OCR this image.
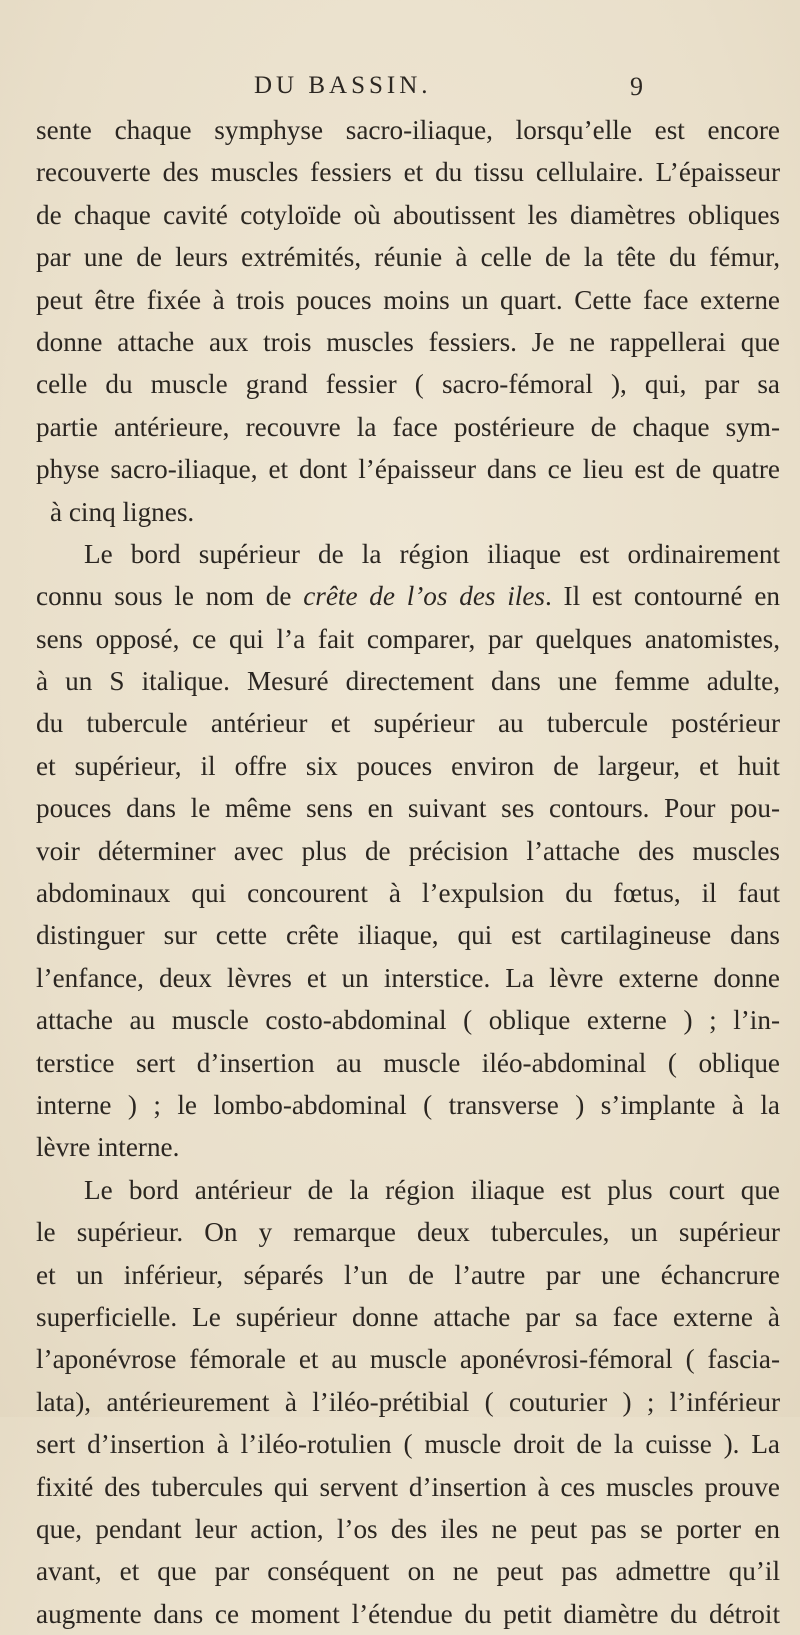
DU BASSIN.	9
sente chaque symphyse sacro-iliaque, lorsqu’elle est encore
recouverte des muscles fessiers et du tissu cellulaire. L’épaisseur
de chaque cavité cotyloïde où aboutissent les diamètres obliques
par une de leurs extrémités, réunie à celle de la tête du fémur,
peut être fixée à trois pouces moins un quart. Cette face externe
donne attache aux trois muscles fessiers. Je ne rappellerai que
celle du muscle grand fessier ( sacro-fémoral ), qui, par sa
partie antérieure, recouvre la face postérieure de chaque sym-
physe sacro-iliaque, et dont l’épaisseur dans ce lieu est de quatre
à cinq lignes.
Le bord supérieur de la région iliaque est ordinairement
connu sous le nom de crête de l’os des iles. Il est contourné en
sens opposé, ce qui l’a fait comparer, par quelques anatomistes,
à un S italique. Mesuré directement dans une femme adulte,
du tubercule antérieur et supérieur au tubercule postérieur
et supérieur, il offre six pouces environ de largeur, et huit
pouces dans le même sens en suivant ses contours. Pour pou-
voir déterminer avec plus de précision l’attache des muscles
abdominaux qui concourent à l’expulsion du fœtus, il faut
distinguer sur cette crête iliaque, qui est cartilagineuse dans
l’enfance, deux lèvres et un interstice. La lèvre externe donne
attache au muscle costo-abdominal ( oblique externe ) ; l’in-
terstice sert d’insertion au muscle iléo-abdominal ( oblique
interne ) ; le lombo-abdominal ( transverse ) s’implante à la
lèvre interne.
Le bord antérieur de la région iliaque est plus court que
le supérieur. On y remarque deux tubercules, un supérieur
et un inférieur, séparés l’un de l’autre par une échancrure
superficielle. Le supérieur donne attache par sa face externe à
l’aponévrose fémorale et au muscle aponévrosi-fémoral ( fascia-
lata), antérieurement à l’iléo-prétibial ( couturier ) ; l’inférieur
sert d’insertion à l’iléo-rotulien ( muscle droit de la cuisse ). La
fixité des tubercules qui servent d’insertion à ces muscles prouve
que, pendant leur action, l’os des iles ne peut pas se porter en
avant, et que par conséquent on ne peut pas admettre qu’il
augmente dans ce moment l’étendue du petit diamètre du détroit
